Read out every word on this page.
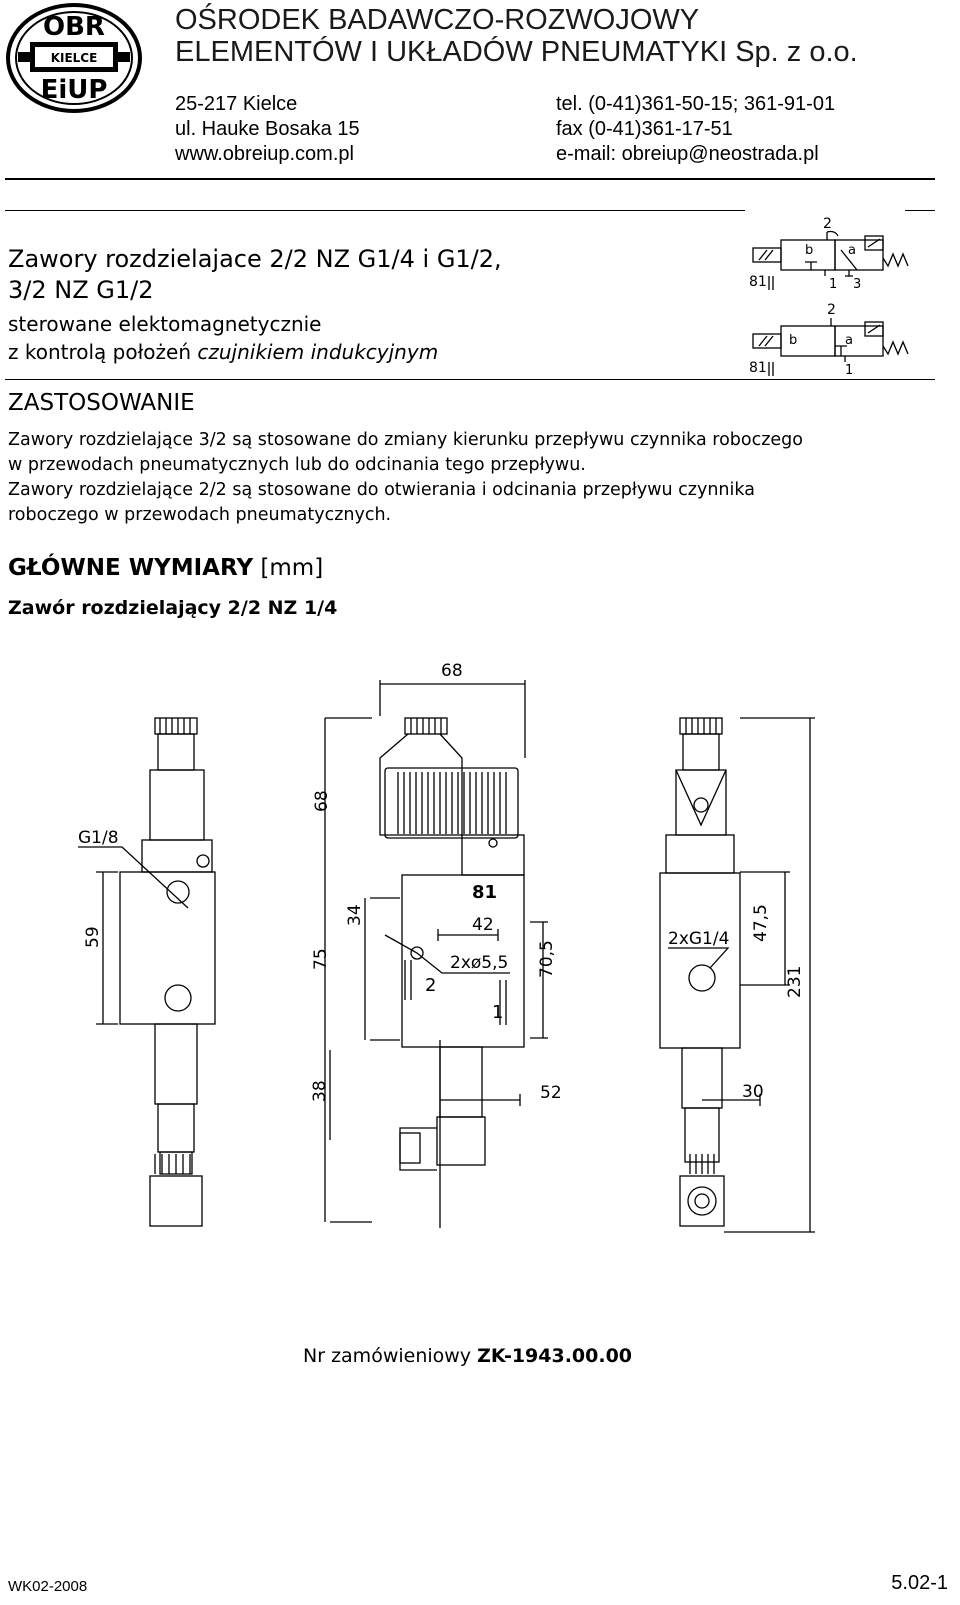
OBR
KIELCE
EiUP
OŚRODEK BADAWCZO-ROZWOJOWY
ELEMENTÓW I UKŁADÓW PNEUMATYKI Sp. z o.o.
25-217 Kielce
ul. Hauke Bosaka 15
www.obreiup.com.pl
tel. (0-41)361-50-15; 361-91-01
fax (0-41)361-17-51
e-mail: obreiup@neostrada.pl
Zawory rozdzielajace 2/2 NZ G1/4 i G1/2,
3/2 NZ G1/2
sterowane elektomagnetycznie
z kontrolą położeń czujnikiem indukcyjnym
2
b	a
81	1 3
2
b	a
81	1
ZASTOSOWANIE
Zawory rozdzielające 3/2 są stosowane do zmiany kierunku przepływu czynnika roboczego
w przewodach pneumatycznych lub do odcinania tego przepływu.
Zawory rozdzielające 2/2 są stosowane do otwierania i odcinania przepływu czynnika
roboczego w przewodach pneumatycznych.
GŁÓWNE WYMIARY [mm]
Zawór rozdzielający 2/2 NZ 1/4
G1/8
59
68
68
34
75
81
42
2xø5,5
2
1
70,5
52
38
231
47,5
2xG1/4
30
Nr zamówieniowy ZK-1943.00.00
WK02-2008	5.02-1
